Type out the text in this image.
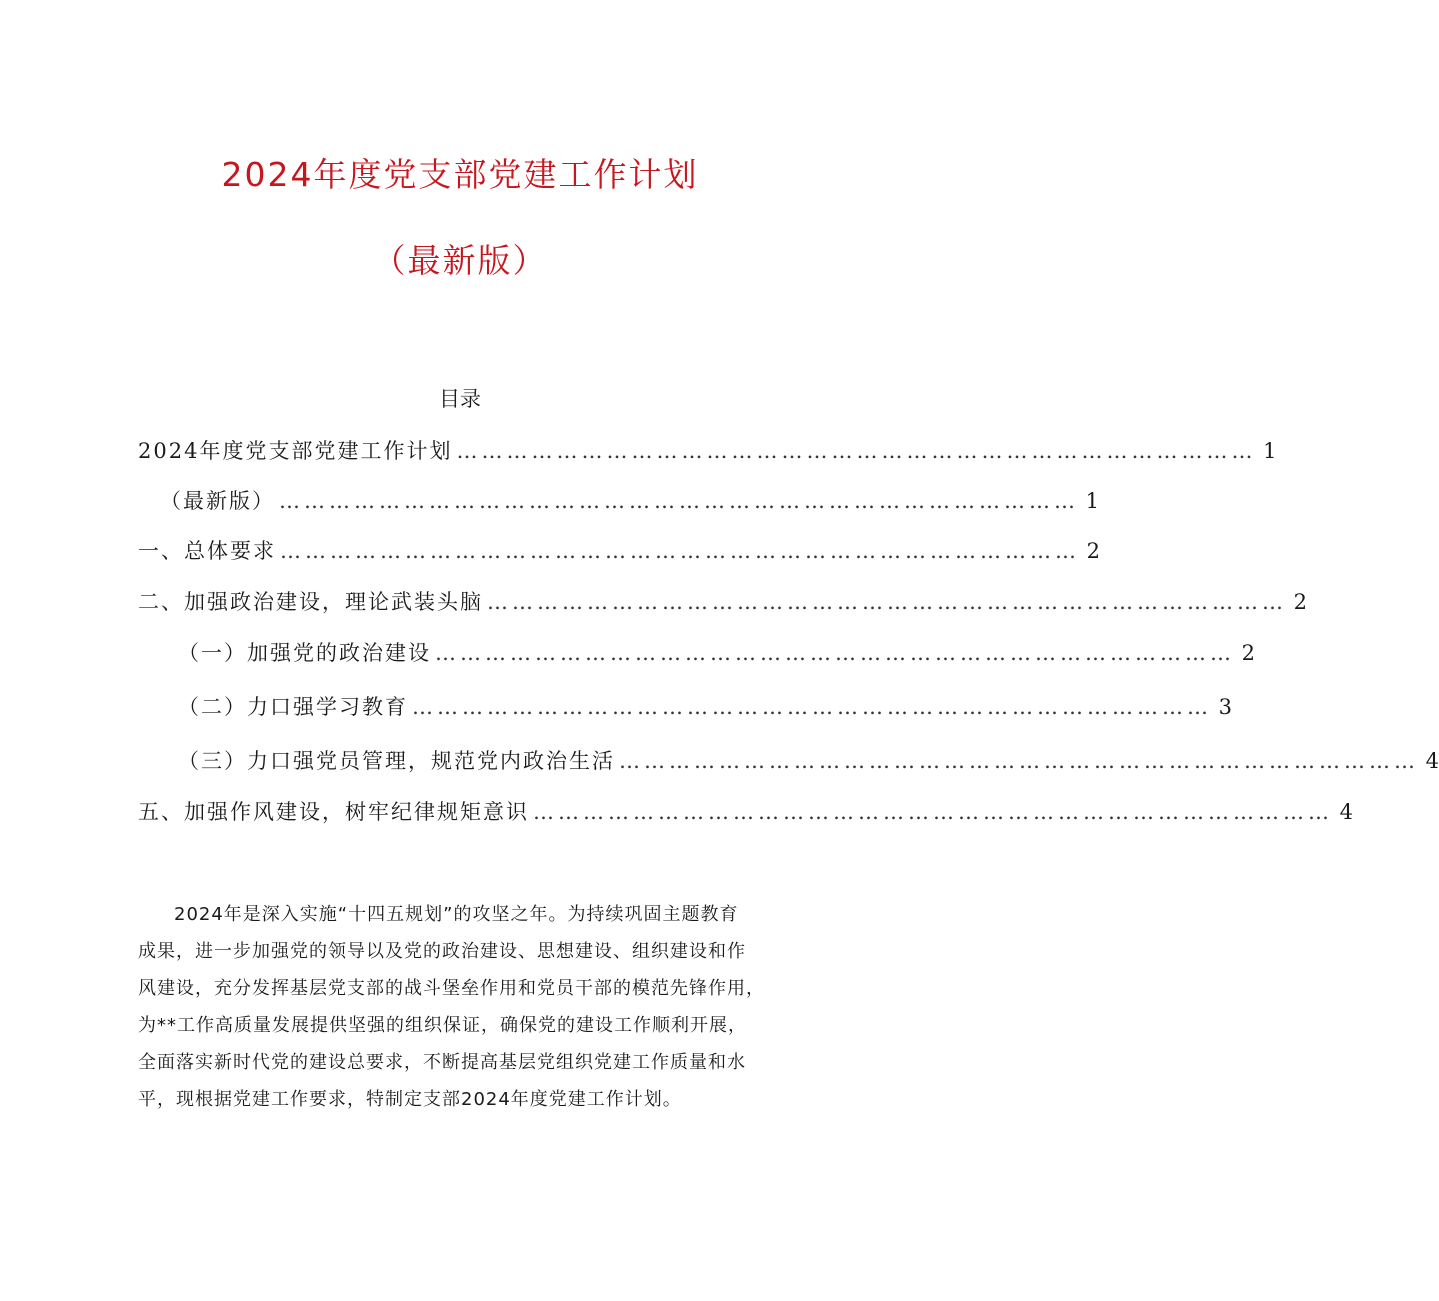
2024年度党支部党建工作计划
（最新版）
目录
2024年度党支部党建工作计划 …………………………………………………………………………………… 1
（最新版） …………………………………………………………………………………… 1
一、总体要求 …………………………………………………………………………………… 2
二、加强政治建设，理论武装头脑 …………………………………………………………………………………… 2
（一）加强党的政治建设 …………………………………………………………………………………… 2
（二）力口强学习教育 …………………………………………………………………………………… 3
（三）力口强党员管理，规范党内政治生活 …………………………………………………………………………………… 4
五、加强作风建设，树牢纪律规矩意识 …………………………………………………………………………………… 4
2024年是深入实施“十四五规划”的攻坚之年。为持续巩固主题教育
成果，进一步加强党的领导以及党的政治建设、思想建设、组织建设和作
风建设，充分发挥基层党支部的战斗堡垒作用和党员干部的模范先锋作用，
为**工作高质量发展提供坚强的组织保证，确保党的建设工作顺利开展，
全面落实新时代党的建设总要求，不断提高基层党组织党建工作质量和水
平，现根据党建工作要求，特制定支部2024年度党建工作计划。
